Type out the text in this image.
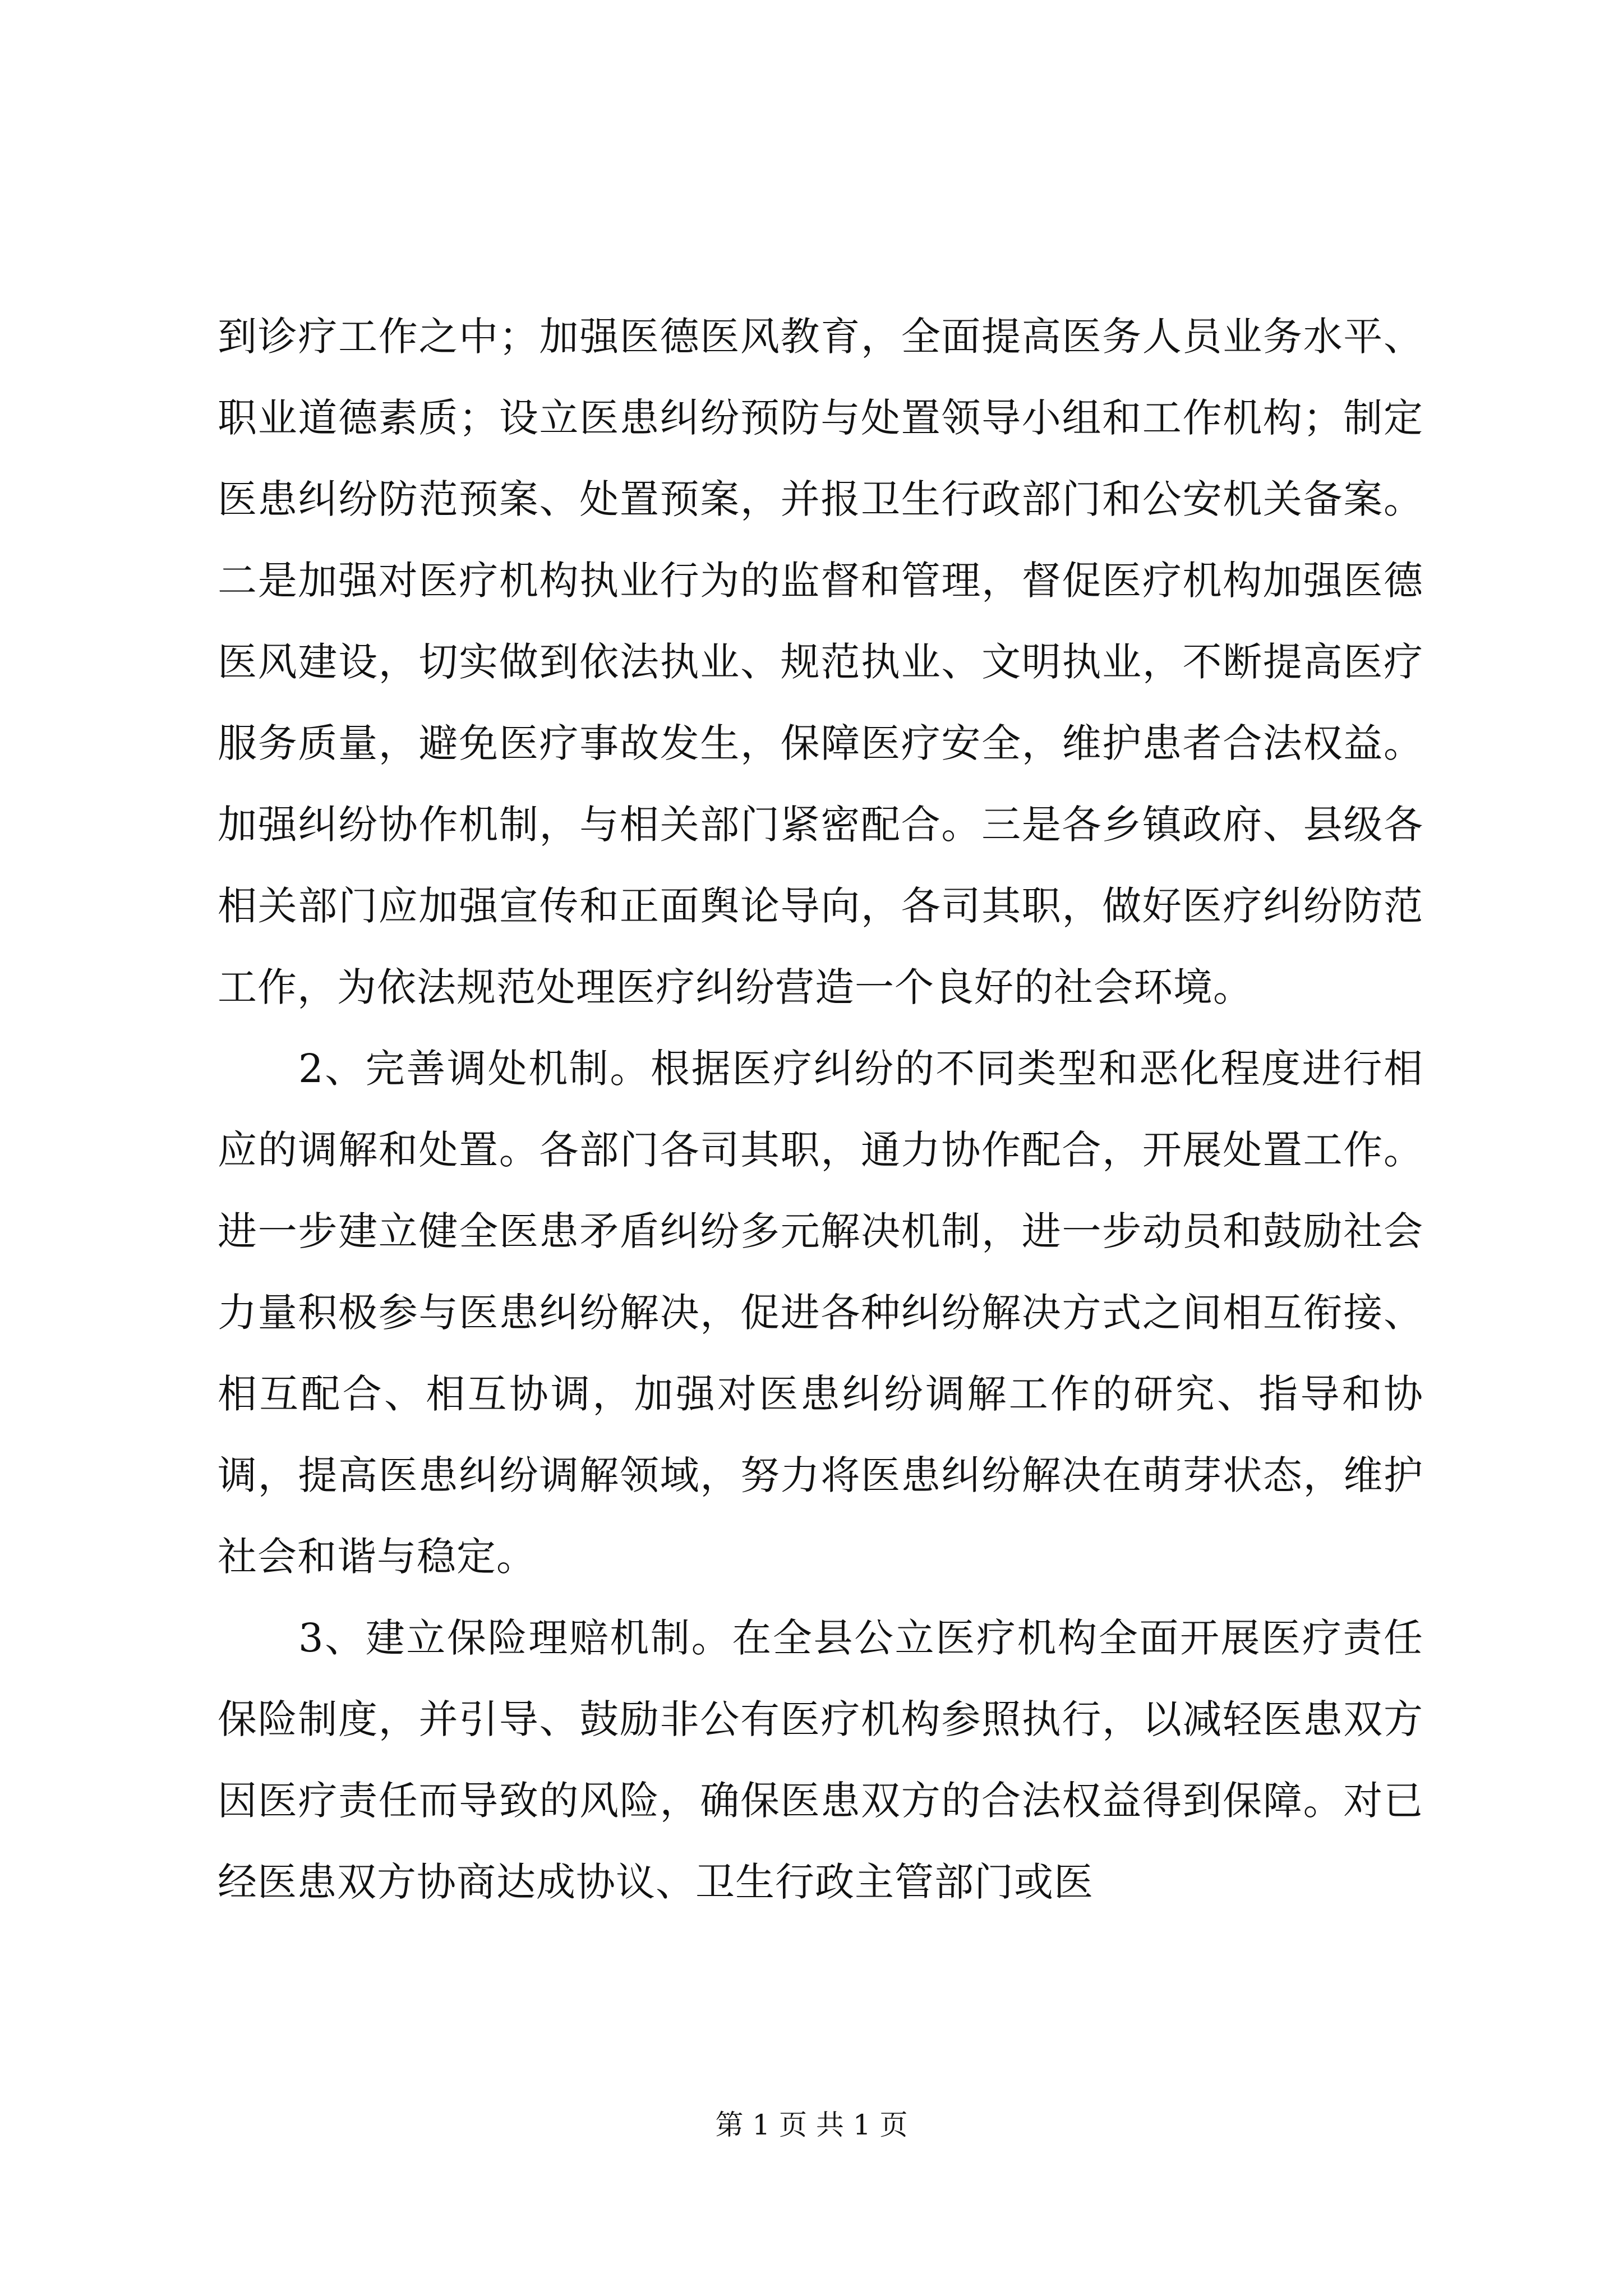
到诊疗工作之中；加强医德医风教育，全面提高医务人员业务水平、职业道德素质；设立医患纠纷预防与处置领导小组和工作机构；制定医患纠纷防范预案、处置预案，并报卫生行政部门和公安机关备案。二是加强对医疗机构执业行为的监督和管理，督促医疗机构加强医德医风建设，切实做到依法执业、规范执业、文明执业，不断提高医疗服务质量，避免医疗事故发生，保障医疗安全，维护患者合法权益。加强纠纷协作机制，与相关部门紧密配合。三是各乡镇政府、县级各相关部门应加强宣传和正面舆论导向，各司其职，做好医疗纠纷防范工作，为依法规范处理医疗纠纷营造一个良好的社会环境。

2、完善调处机制。根据医疗纠纷的不同类型和恶化程度进行相应的调解和处置。各部门各司其职，通力协作配合，开展处置工作。进一步建立健全医患矛盾纠纷多元解决机制，进一步动员和鼓励社会力量积极参与医患纠纷解决，促进各种纠纷解决方式之间相互衔接、相互配合、相互协调，加强对医患纠纷调解工作的研究、指导和协调，提高医患纠纷调解领域，努力将医患纠纷解决在萌芽状态，维护社会和谐与稳定。

3、建立保险理赔机制。在全县公立医疗机构全面开展医疗责任保险制度，并引导、鼓励非公有医疗机构参照执行，以减轻医患双方因医疗责任而导致的风险，确保医患双方的合法权益得到保障。对已经医患双方协商达成协议、卫生行政主管部门或医

第 1 页 共 1 页
